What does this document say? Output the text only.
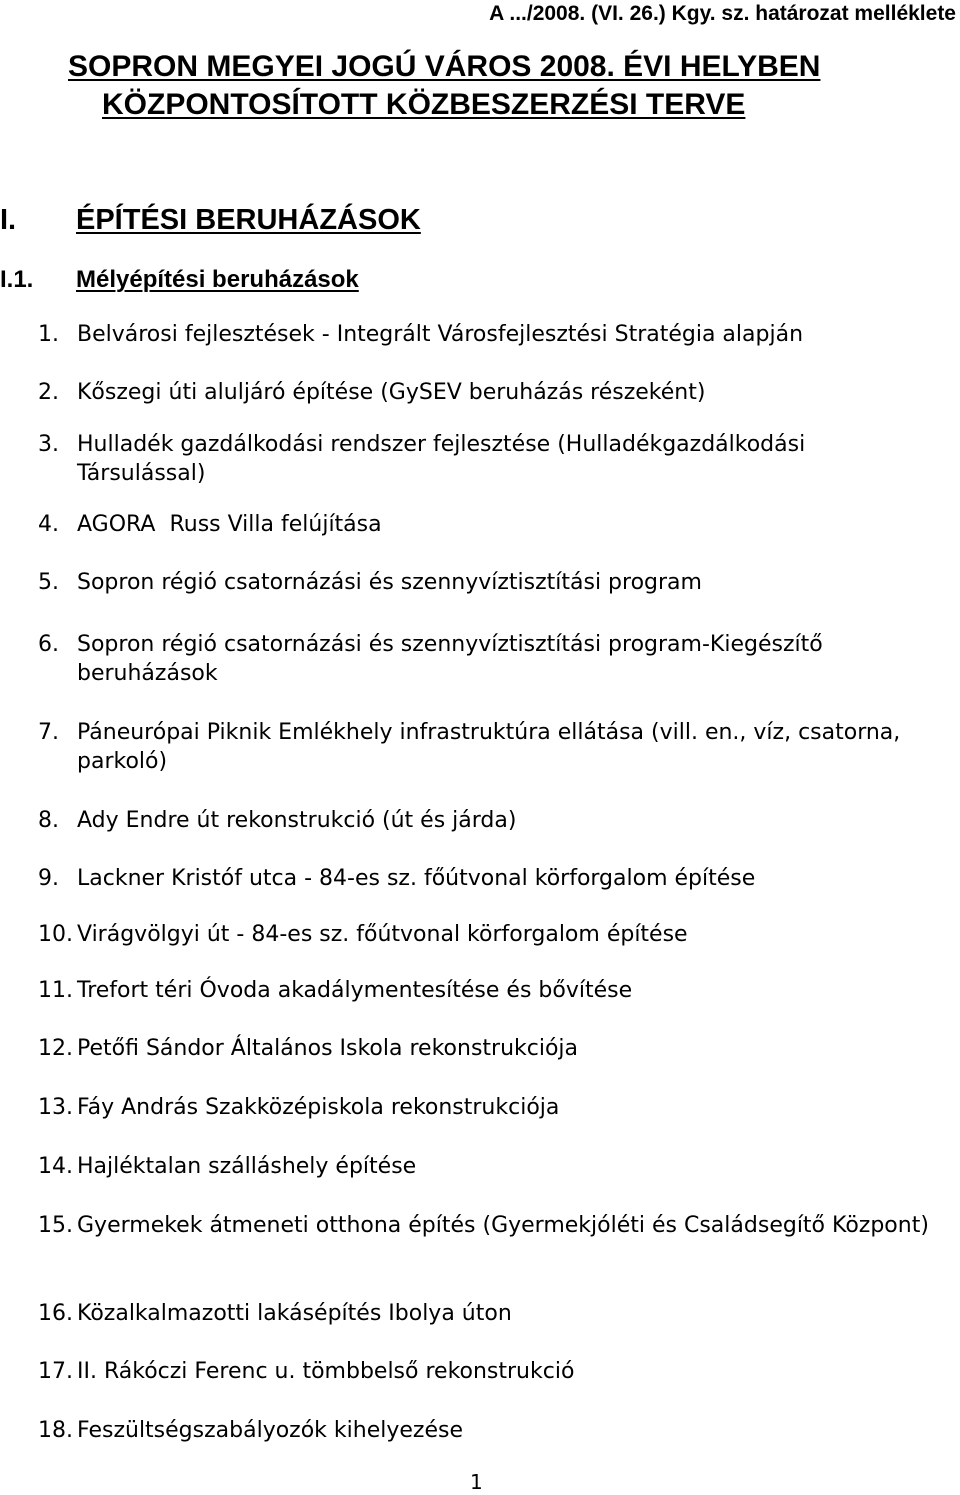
A .../2008. (VI. 26.) Kgy. sz. határozat melléklete
SOPRON MEGYEI JOGÚ VÁROS 2008. ÉVI HELYBEN
KÖZPONTOSÍTOTT KÖZBESZERZÉSI TERVE
I. ÉPÍTÉSI BERUHÁZÁSOK
I.1. Mélyépítési beruházások
1. Belvárosi fejlesztések - Integrált Városfejlesztési Stratégia alapján
2. Kőszegi úti aluljáró építése (GySEV beruházás részeként)
3. Hulladék gazdálkodási rendszer fejlesztése (Hulladékgazdálkodási Társulással)
4. AGORA  Russ Villa felújítása
5. Sopron régió csatornázási és szennyvíztisztítási program
6. Sopron régió csatornázási és szennyvíztisztítási program-Kiegészítő beruházások
7. Páneurópai Piknik Emlékhely infrastruktúra ellátása (vill. en., víz, csatorna, parkoló)
8. Ady Endre út rekonstrukció (út és járda)
9. Lackner Kristóf utca - 84-es sz. főútvonal körforgalom építése
10. Virágvölgyi út - 84-es sz. főútvonal körforgalom építése
11. Trefort téri Óvoda akadálymentesítése és bővítése
12. Petőfi Sándor Általános Iskola rekonstrukciója
13. Fáy András Szakközépiskola rekonstrukciója
14. Hajléktalan szálláshely építése
15. Gyermekek átmeneti otthona építés (Gyermekjóléti és Családsegítő Központ)
16. Közalkalmazotti lakásépítés Ibolya úton
17. II. Rákóczi Ferenc u. tömbbelső rekonstrukció
18. Feszültségszabályozók kihelyezése
1
